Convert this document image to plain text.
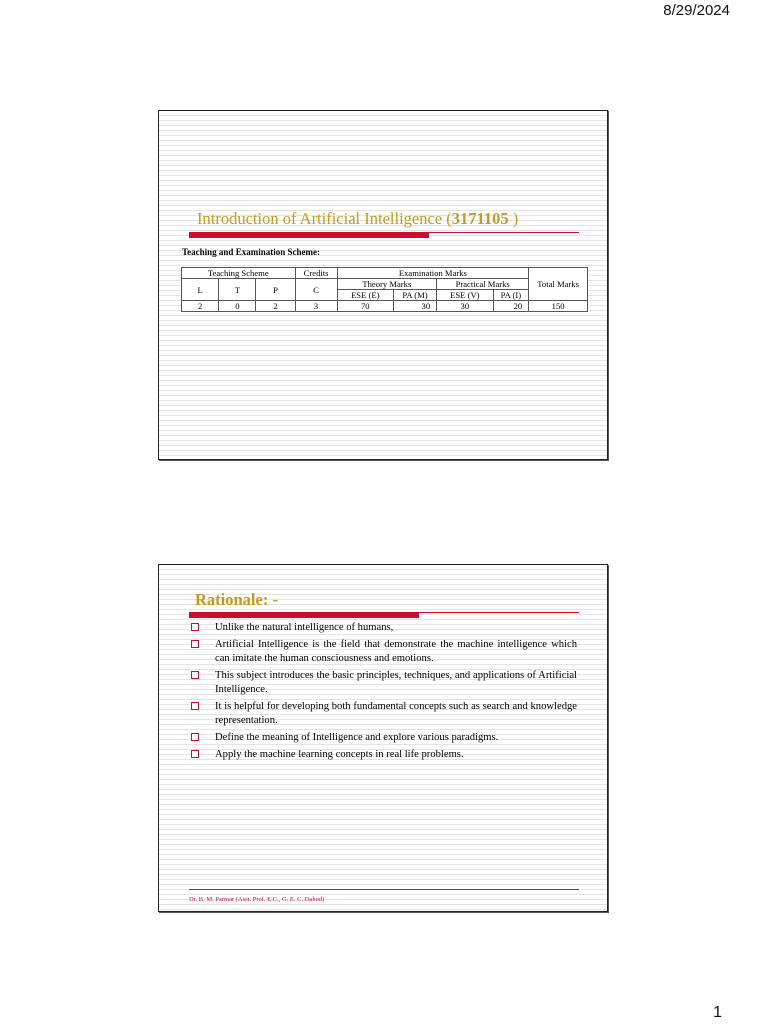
8/29/2024
Introduction of Artificial Intelligence (3171105 )
Teaching and Examination Scheme:
Teaching Scheme			Credits	Examination Marks				Total Marks
L	T	P	C	Theory Marks		Practical Marks		
				ESE (E)	PA (M)	ESE (V)	PA (I)	
2	0	2	3	70	30	30	20	150
Rationale: -
Unlike the natural intelligence of humans,
Artificial Intelligence is the field that demonstrate the machine intelligence which can imitate the human consciousness and emotions.
This subject introduces the basic principles, techniques, and applications of Artificial Intelligence.
It is helpful for developing both fundamental concepts such as search and knowledge representation.
Define the meaning of Intelligence and explore various paradigms.
Apply the machine learning concepts in real life problems.
Dr. B. M. Parmar (Asst. Prof. E.C., G. E. C. Dahod)
1
